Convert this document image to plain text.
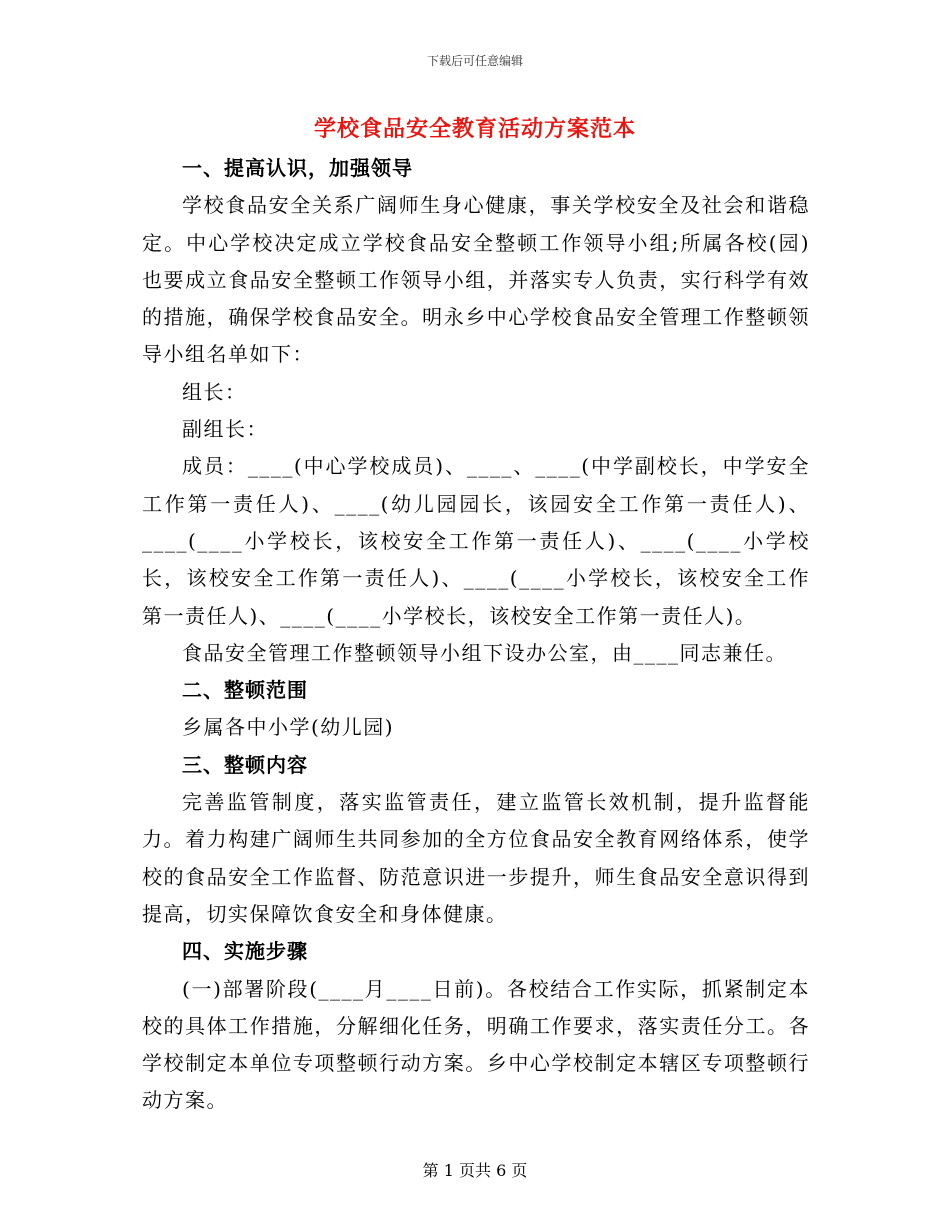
下载后可任意编辑
学校食品安全教育活动方案范本
一、提高认识，加强领导

学校食品安全关系广阔师生身心健康，事关学校安全及社会和谐稳定。中心学校决定成立学校食品安全整顿工作领导小组;所属各校(园)也要成立食品安全整顿工作领导小组，并落实专人负责，实行科学有效的措施，确保学校食品安全。明永乡中心学校食品安全管理工作整顿领导小组名单如下：

组长：

副组长：

成员：____(中心学校成员)、____、____(中学副校长，中学安全工作第一责任人)、____(幼儿园园长，该园安全工作第一责任人)、____(____小学校长，该校安全工作第一责任人)、____(____小学校长，该校安全工作第一责任人)、____(____小学校长，该校安全工作第一责任人)、____(____小学校长，该校安全工作第一责任人)。

食品安全管理工作整顿领导小组下设办公室，由____同志兼任。

二、整顿范围

乡属各中小学(幼儿园)

三、整顿内容

完善监管制度，落实监管责任，建立监管长效机制，提升监督能力。着力构建广阔师生共同参加的全方位食品安全教育网络体系，使学校的食品安全工作监督、防范意识进一步提升，师生食品安全意识得到提高，切实保障饮食安全和身体健康。

四、实施步骤

(一)部署阶段(____月____日前)。各校结合工作实际，抓紧制定本校的具体工作措施，分解细化任务，明确工作要求，落实责任分工。各学校制定本单位专项整顿行动方案。乡中心学校制定本辖区专项整顿行动方案。

第 1 页共 6 页
